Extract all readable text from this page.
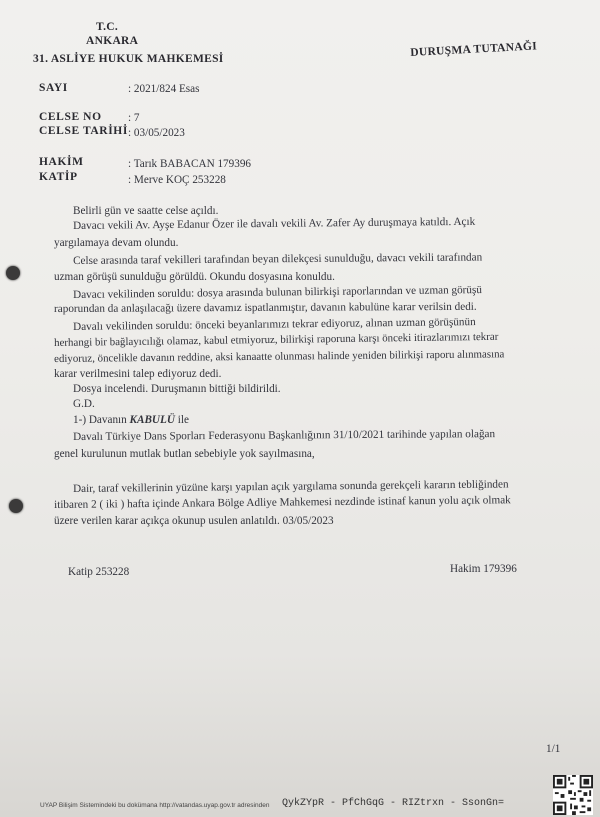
T.C.
ANKARA
31. ASLİYE HUKUK MAHKEMESİ
DURUŞMA TUTANAĞI
SAYI	: 2021/824 Esas
CELSE NO : 7
CELSE TARİHİ : 03/05/2023
HAKİM	: Tarık BABACAN 179396
KATİP	: Merve KOÇ 253228
Belirli gün ve saatte celse açıldı.
Davacı vekili Av. Ayşe Edanur Özer ile davalı vekili Av. Zafer Ay duruşmaya katıldı. Açık
yargılamaya devam olundu.
Celse arasında taraf vekilleri tarafından beyan dilekçesi sunulduğu, davacı vekili tarafından
uzman görüşü sunulduğu görüldü. Okundu dosyasına konuldu.
Davacı vekilinden soruldu: dosya arasında bulunan bilirkişi raporlarından ve uzman görüşü
raporundan da anlaşılacağı üzere davamız ispatlanmıştır, davanın kabulüne karar verilsin dedi.
Davalı vekilinden soruldu: önceki beyanlarımızı tekrar ediyoruz, alınan uzman görüşünün
herhangi bir bağlayıcılığı olamaz, kabul etmiyoruz, bilirkişi raporuna karşı önceki itirazlarımızı tekrar
ediyoruz, öncelikle davanın reddine, aksi kanaatte olunması halinde yeniden bilirkişi raporu alınmasına
karar verilmesini talep ediyoruz dedi.
Dosya incelendi. Duruşmanın bittiği bildirildi.
G.D.
1-) Davanın KABULÜ ile
Davalı Türkiye Dans Sporları Federasyonu Başkanlığının 31/10/2021 tarihinde yapılan olağan
genel kurulunun mutlak butlan sebebiyle yok sayılmasına,
Dair, taraf vekillerinin yüzüne karşı yapılan açık yargılama sonunda gerekçeli kararın tebliğinden
itibaren 2 ( iki ) hafta içinde Ankara Bölge Adliye Mahkemesi nezdinde istinaf kanun yolu açık olmak
üzere verilen karar açıkça okunup usulen anlatıldı. 03/05/2023
Katip 253228	Hakim 179396
1/1
UYAP Bilişim Sistemindeki bu dokümana http://vatandas.uyap.gov.tr adresinden QykZYpR - PfChGqG - RIZtrxn - SsonGn=
